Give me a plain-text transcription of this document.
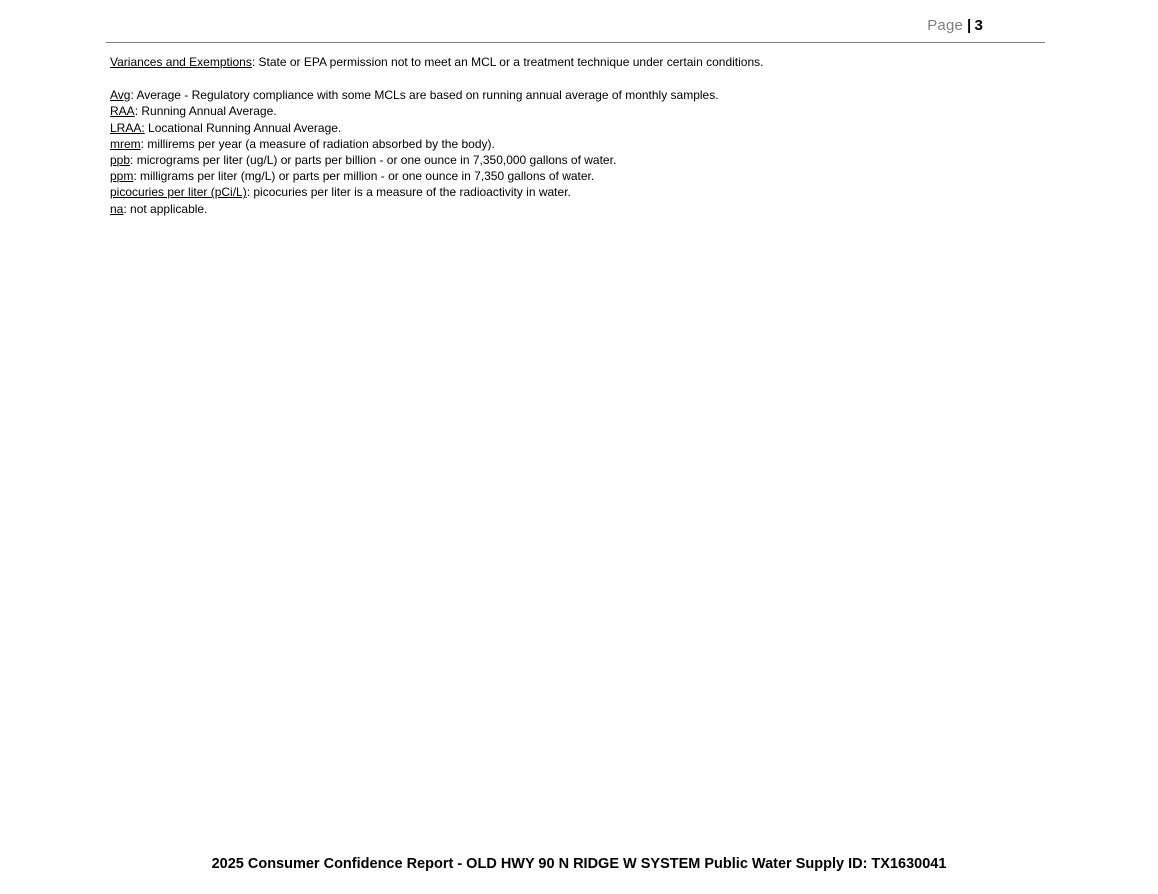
Page | 3

Variances and Exemptions: State or EPA permission not to meet an MCL or a treatment technique under certain conditions.

Avg: Average - Regulatory compliance with some MCLs are based on running annual average of monthly samples.

RAA: Running Annual Average.

LRAA: Locational Running Annual Average.

mrem: millirems per year (a measure of radiation absorbed by the body).

ppb: micrograms per liter (ug/L) or parts per billion - or one ounce in 7,350,000 gallons of water.

ppm: milligrams per liter (mg/L) or parts per million - or one ounce in 7,350 gallons of water.

picocuries per liter (pCi/L): picocuries per liter is a measure of the radioactivity in water.

na: not applicable.

2025 Consumer Confidence Report - OLD HWY 90 N RIDGE W SYSTEM Public Water Supply ID: TX1630041
